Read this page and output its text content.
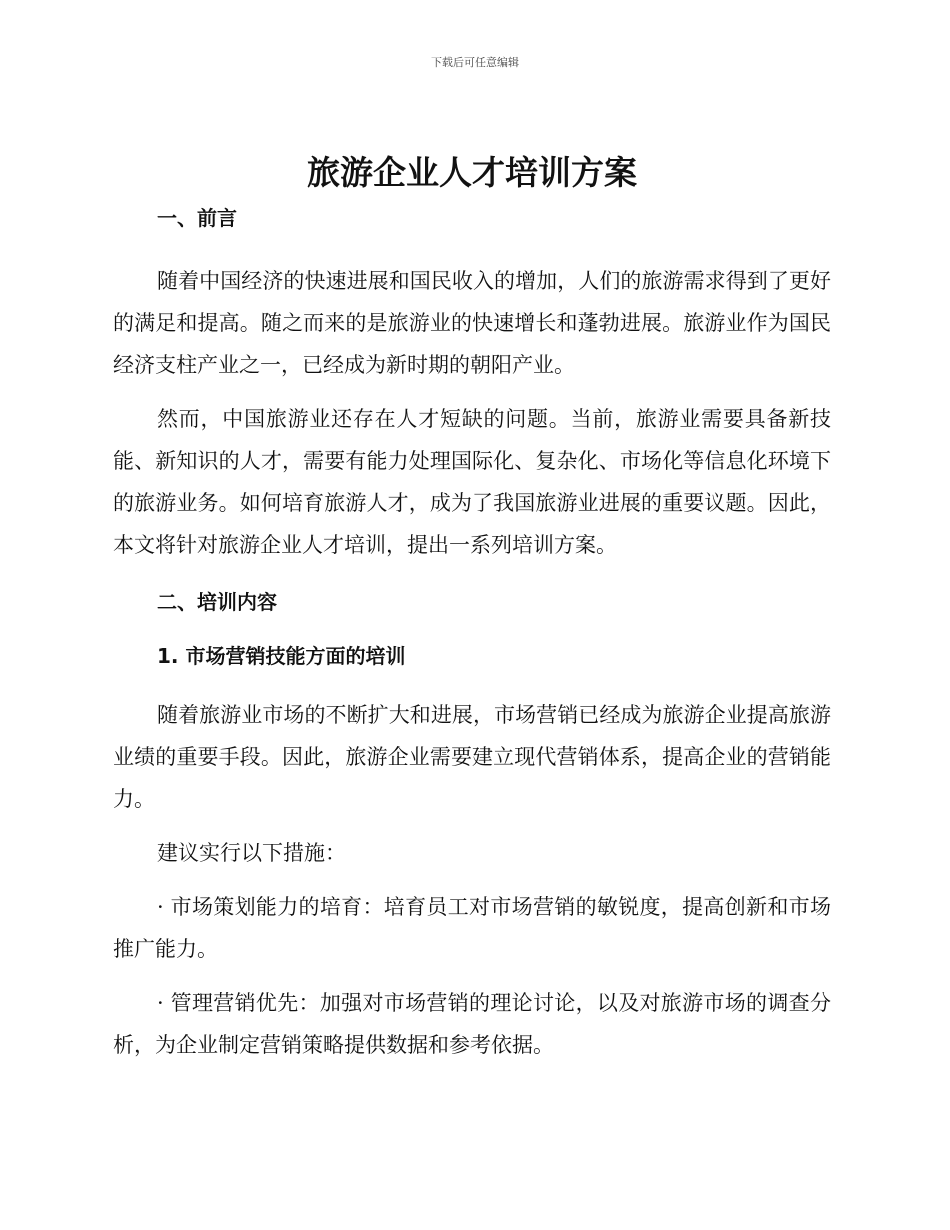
下载后可任意编辑
旅游企业人才培训方案
一、前言

随着中国经济的快速进展和国民收入的增加，人们的旅游需求得到了更好的满足和提高。随之而来的是旅游业的快速增长和蓬勃进展。旅游业作为国民经济支柱产业之一，已经成为新时期的朝阳产业。

然而，中国旅游业还存在人才短缺的问题。当前，旅游业需要具备新技能、新知识的人才，需要有能力处理国际化、复杂化、市场化等信息化环境下的旅游业务。如何培育旅游人才，成为了我国旅游业进展的重要议题。因此，本文将针对旅游企业人才培训，提出一系列培训方案。

二、培训内容
1. 市场营销技能方面的培训

随着旅游业市场的不断扩大和进展，市场营销已经成为旅游企业提高旅游业绩的重要手段。因此，旅游企业需要建立现代营销体系，提高企业的营销能力。

建议实行以下措施：

· 市场策划能力的培育：培育员工对市场营销的敏锐度，提高创新和市场推广能力。

· 管理营销优先：加强对市场营销的理论讨论，以及对旅游市场的调查分析，为企业制定营销策略提供数据和参考依据。
